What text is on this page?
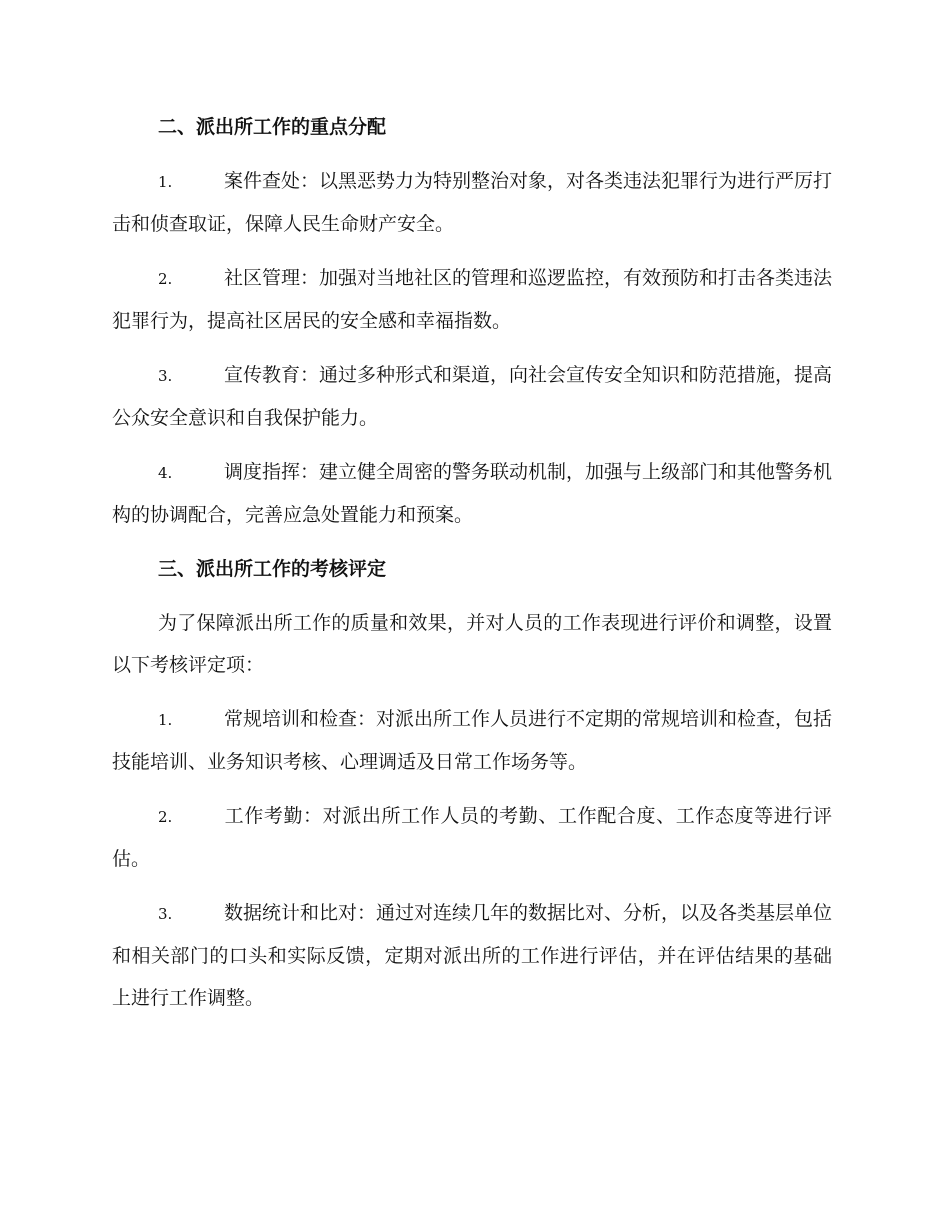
二、派出所工作的重点分配
1.	案件查处：以黑恶势力为特别整治对象，对各类违法犯罪行为进行严厉打击和侦查取证，保障人民生命财产安全。
2.	社区管理：加强对当地社区的管理和巡逻监控，有效预防和打击各类违法犯罪行为，提高社区居民的安全感和幸福指数。
3.	宣传教育：通过多种形式和渠道，向社会宣传安全知识和防范措施，提高公众安全意识和自我保护能力。
4.	调度指挥：建立健全周密的警务联动机制，加强与上级部门和其他警务机构的协调配合，完善应急处置能力和预案。
三、派出所工作的考核评定
为了保障派出所工作的质量和效果，并对人员的工作表现进行评价和调整，设置以下考核评定项：
1.	常规培训和检查：对派出所工作人员进行不定期的常规培训和检查，包括技能培训、业务知识考核、心理调适及日常工作场务等。
2.	工作考勤：对派出所工作人员的考勤、工作配合度、工作态度等进行评估。
3.	数据统计和比对：通过对连续几年的数据比对、分析，以及各类基层单位和相关部门的口头和实际反馈，定期对派出所的工作进行评估，并在评估结果的基础上进行工作调整。
